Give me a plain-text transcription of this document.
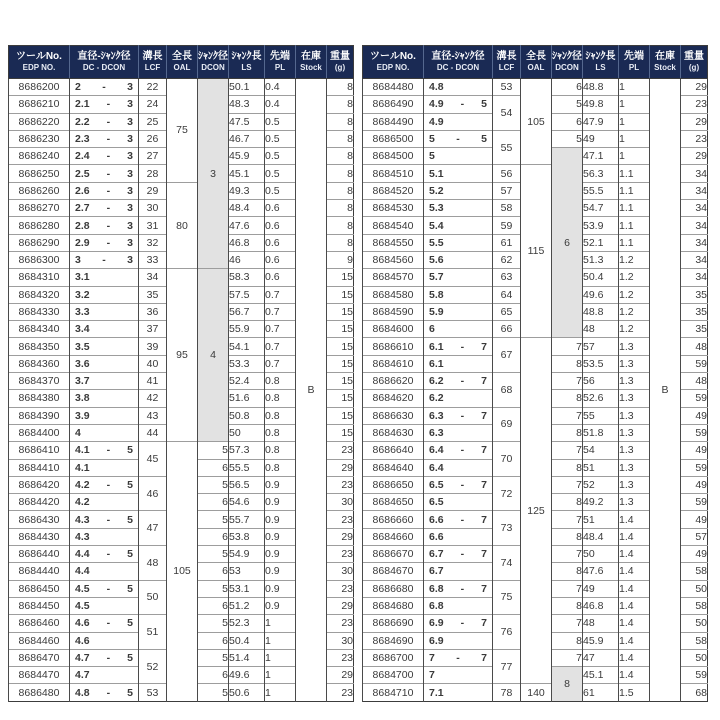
ツールNo.
EDP NO.

直径-ｼｬﾝｸ径
DC - DCON

溝長
LCF

全長
OAL

ｼｬﾝｸ径
DCON

ｼｬﾝｸ長
LS

先端
PL

在庫
Stock

重量
(g)

8686200	2 - 3	22	75	3	50.1	0.4	B	8
8686210	2.1 - 3	24			48.3	0.4		8
8686220	2.2 - 3	25			47.5	0.5		8
8686230	2.3 - 3	26			46.7	0.5		8
8686240	2.4 - 3	27			45.9	0.5		8
8686250	2.5 - 3	28			45.1	0.5		8
8686260	2.6 - 3	29	80		49.3	0.5		8
8686270	2.7 - 3	30			48.4	0.6		8
8686280	2.8 - 3	31			47.6	0.6		8
8686290	2.9 - 3	32			46.8	0.6		8
8686300	3 - 3	33			46	0.6		9
8684310	3.1	34	95	4	58.3	0.6		15
8684320	3.2	35			57.5	0.7		15
8684330	3.3	36			56.7	0.7		15
8684340	3.4	37			55.9	0.7		15
8684350	3.5	39			54.1	0.7		15
8684360	3.6	40			53.3	0.7		15
8684370	3.7	41			52.4	0.8		15
8684380	3.8	42			51.6	0.8		15
8684390	3.9	43			50.8	0.8		15
8684400	4	44			50	0.8		15
8686410	4.1 - 5	45	105	5	57.3	0.8		23
8684410	4.1			6	55.5	0.8		29
8686420	4.2 - 5	46		5	56.5	0.9		23
8684420	4.2			6	54.6	0.9		30
8686430	4.3 - 5	47		5	55.7	0.9		23
8684430	4.3			6	53.8	0.9		29
8686440	4.4 - 5	48		5	54.9	0.9		23
8684440	4.4			6	53	0.9		30
8686450	4.5 - 5	50		5	53.1	0.9		23
8684450	4.5			6	51.2	0.9		29
8686460	4.6 - 5	51		5	52.3	1		23
8684460	4.6			6	50.4	1		30
8686470	4.7 - 5	52		5	51.4	1		23
8684470	4.7			6	49.6	1		29
8686480	4.8 - 5	53		5	50.6	1		23
ツールNo.
EDP NO.

直径-ｼｬﾝｸ径
DC - DCON

溝長
LCF

全長
OAL

ｼｬﾝｸ径
DCON

ｼｬﾝｸ長
LS

先端
PL

在庫
Stock

重量
(g)

8684480	4.8	53	105	6	48.8	1	B	29
8686490	4.9 - 5	54		5	49.8	1		23
8684490	4.9			6	47.9	1		29
8686500	5 - 5	55		5	49	1		23
8684500	5			6	47.1	1		29
8684510	5.1	56	115		56.3	1.1		34
8684520	5.2	57			55.5	1.1		34
8684530	5.3	58			54.7	1.1		34
8684540	5.4	59			53.9	1.1		34
8684550	5.5	61			52.1	1.1		34
8684560	5.6	62			51.3	1.2		34
8684570	5.7	63			50.4	1.2		34
8684580	5.8	64			49.6	1.2		35
8684590	5.9	65			48.8	1.2		35
8684600	6	66			48	1.2		35
8686610	6.1 - 7	67	125	7	57	1.3		48
8684610	6.1			8	53.5	1.3		59
8686620	6.2 - 7	68		7	56	1.3		48
8684620	6.2			8	52.6	1.3		59
8686630	6.3 - 7	69		7	55	1.3		49
8684630	6.3			8	51.8	1.3		59
8686640	6.4 - 7	70		7	54	1.3		49
8684640	6.4			8	51	1.3		59
8686650	6.5 - 7	72		7	52	1.3		49
8684650	6.5			8	49.2	1.3		59
8686660	6.6 - 7	73		7	51	1.4		49
8684660	6.6			8	48.4	1.4		57
8686670	6.7 - 7	74		7	50	1.4		49
8684670	6.7			8	47.6	1.4		58
8686680	6.8 - 7	75		7	49	1.4		50
8684680	6.8			8	46.8	1.4		58
8686690	6.9 - 7	76		7	48	1.4		50
8684690	6.9			8	45.9	1.4		58
8686700	7 - 7	77		7	47	1.4		50
8684700	7			8	45.1	1.4		59
8684710	7.1	78	140		61	1.5		68
